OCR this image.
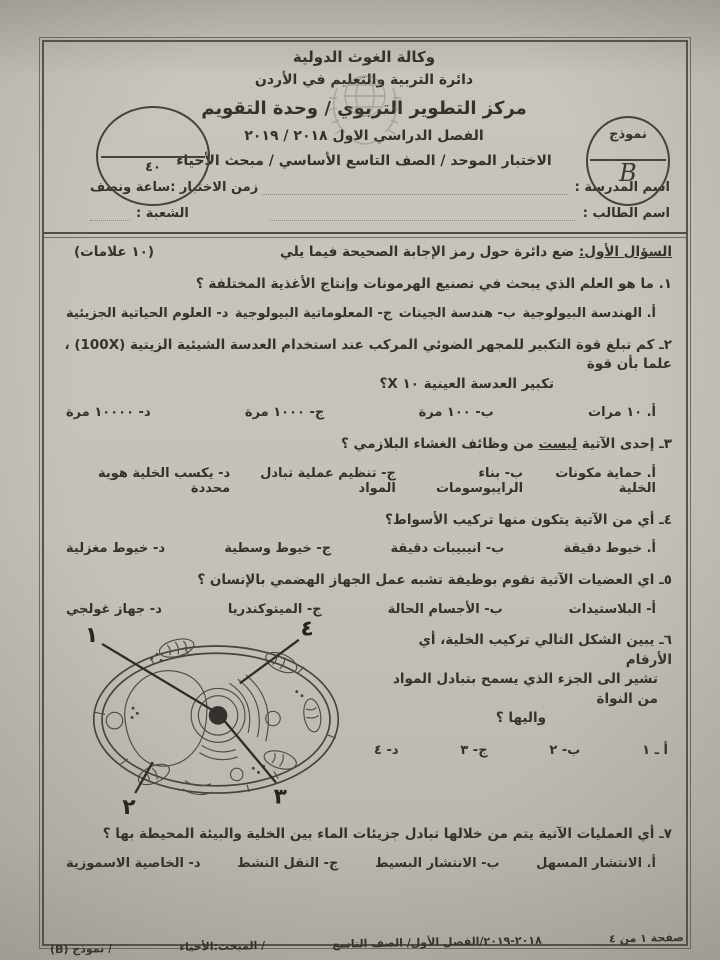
٤٠
نموذج
B
وكالة الغوث الدولية
دائرة التربية والتعليم في الأردن
مركز التطوير التربوي / وحدة التقويم
الفصل الدراسي الاول ٢٠١٨ / ٢٠١٩
الاختبار الموحد / الصف التاسع الأساسي / مبحث الأحياء
اسم المدرسة :
زمن الاختبار :ساعة ونصف
اسم الطالب :
الشعبة :
السؤال الأول: ضع دائرة حول رمز الإجابة الصحيحة فيما يلي
(١٠ علامات)
١. ما هو العلم الذي يبحث في تصنيع الهرمونات وإنتاج الأغذية المختلفة ؟
أ. الهندسة البيولوجية
ب- هندسة الجينات
ج- المعلوماتية البيولوجية
د- العلوم الحياتية الجزيئية
٢ـ كم تبلغ قوة التكبير للمجهر الضوئي المركب عند استخدام العدسة الشيئية الزيتية (100X) ، علما بأن قوة
تكبير العدسة العينية ١٠ X؟
أ. ١٠ مرات
ب- ١٠٠ مرة
ج- ١٠٠٠ مرة
د- ١٠٠٠٠ مرة
٣ـ إحدى الآتية ليست من وظائف الغشاء البلازمي ؟
أ. حماية مكونات الخلية
ب- بناء الرايبوسومات
ج- تنظيم عملية تبادل المواد
د- يكسب الخلية هوية محددة
٤ـ أي من الآتية يتكون منها تركيب الأسواط؟
أ. خيوط دقيقة
ب- انيبيبات دقيقة
ج- خيوط وسطية
د- خيوط مغزلية
٥ـ اي العضيات الآتية تقوم بوظيفة تشبه عمل الجهاز الهضمي بالإنسان ؟
أ- البلاستيدات
ب- الأجسام الحالة
ج- الميتوكندريا
د- جهاز غولجي
٦ـ يبين الشكل التالي تركيب الخلية، أي الأرقام
تشير الى الجزء الذي يسمح بتبادل المواد من النواة
واليها ؟
أ ـ ١
ب- ٢
ج- ٣
د- ٤
١
٢	٣
٤
٧ـ أي العمليات الآتية يتم من خلالها تبادل جزيئات الماء بين الخلية والبيئة المحيطة بها ؟
أ. الانتشار المسهل
ب- الانتشار البسيط
ج- النقل النشط
د- الخاصية الاسموزية
صفحة ١ من ٤
٢٠١٨-٢٠١٩/الفصل الأول/ الصف التاسع
/ المبحث:الأحياء
/ نموذج (B)
